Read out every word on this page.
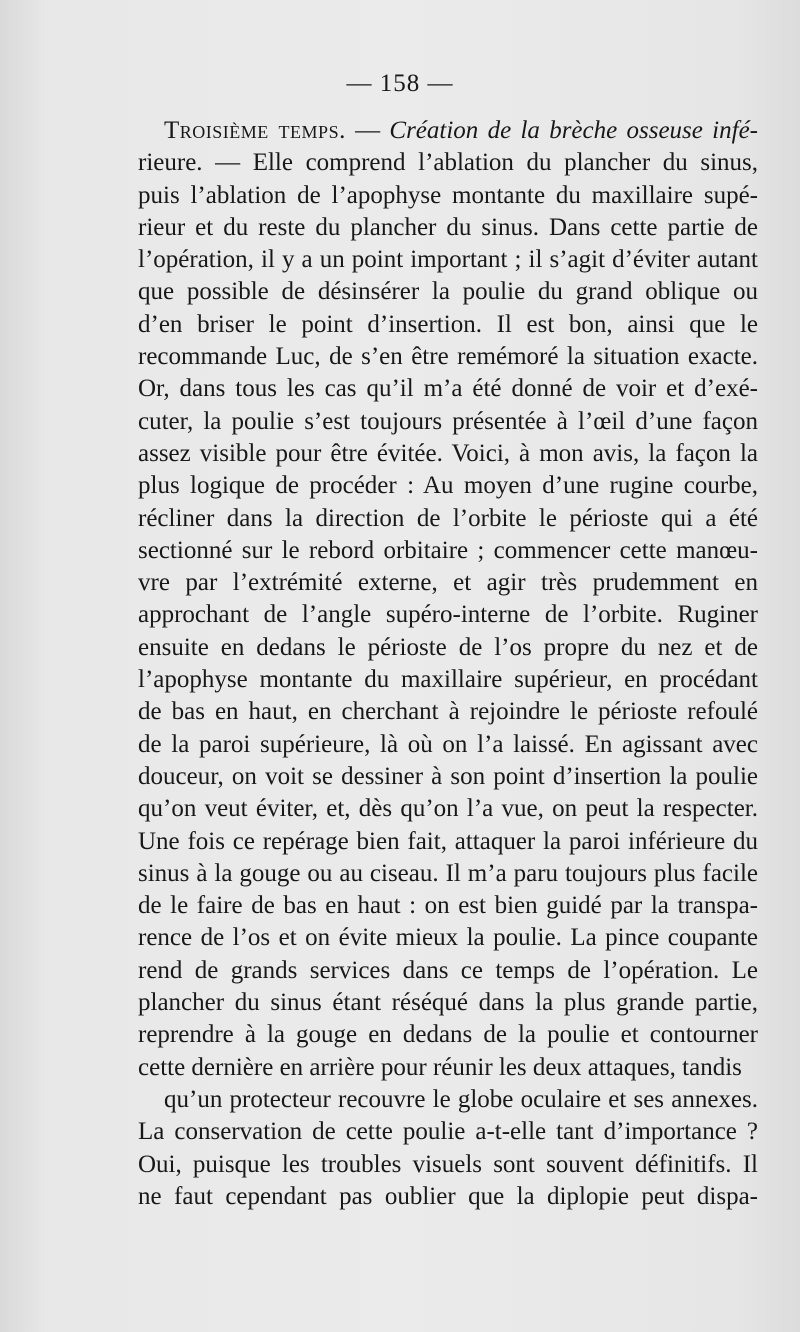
— 158 —
Troisième temps. — Création de la brèche osseuse infé-
rieure. — Elle comprend l’ablation du plancher du sinus,
puis l’ablation de l’apophyse montante du maxillaire supé-
rieur et du reste du plancher du sinus. Dans cette partie de
l’opération, il y a un point important ; il s’agit d’éviter autant
que possible de désinsérer la poulie du grand oblique ou
d’en briser le point d’insertion. Il est bon, ainsi que le
recommande Luc, de s’en être remémoré la situation exacte.
Or, dans tous les cas qu’il m’a été donné de voir et d’exé-
cuter, la poulie s’est toujours présentée à l’œil d’une façon
assez visible pour être évitée. Voici, à mon avis, la façon la
plus logique de procéder : Au moyen d’une rugine courbe,
récliner dans la direction de l’orbite le périoste qui a été
sectionné sur le rebord orbitaire ; commencer cette manœu-
vre par l’extrémité externe, et agir très prudemment en
approchant de l’angle supéro-interne de l’orbite. Ruginer
ensuite en dedans le périoste de l’os propre du nez et de
l’apophyse montante du maxillaire supérieur, en procédant
de bas en haut, en cherchant à rejoindre le périoste refoulé
de la paroi supérieure, là où on l’a laissé. En agissant avec
douceur, on voit se dessiner à son point d’insertion la poulie
qu’on veut éviter, et, dès qu’on l’a vue, on peut la respecter.
Une fois ce repérage bien fait, attaquer la paroi inférieure du
sinus à la gouge ou au ciseau. Il m’a paru toujours plus facile
de le faire de bas en haut : on est bien guidé par la transpa-
rence de l’os et on évite mieux la poulie. La pince coupante
rend de grands services dans ce temps de l’opération. Le
plancher du sinus étant réséqué dans la plus grande partie,
reprendre à la gouge en dedans de la poulie et contourner
cette dernière en arrière pour réunir les deux attaques, tandis
qu’un protecteur recouvre le globe oculaire et ses annexes.
La conservation de cette poulie a-t-elle tant d’importance ?
Oui, puisque les troubles visuels sont souvent définitifs. Il
ne faut cependant pas oublier que la diplopie peut dispa-
